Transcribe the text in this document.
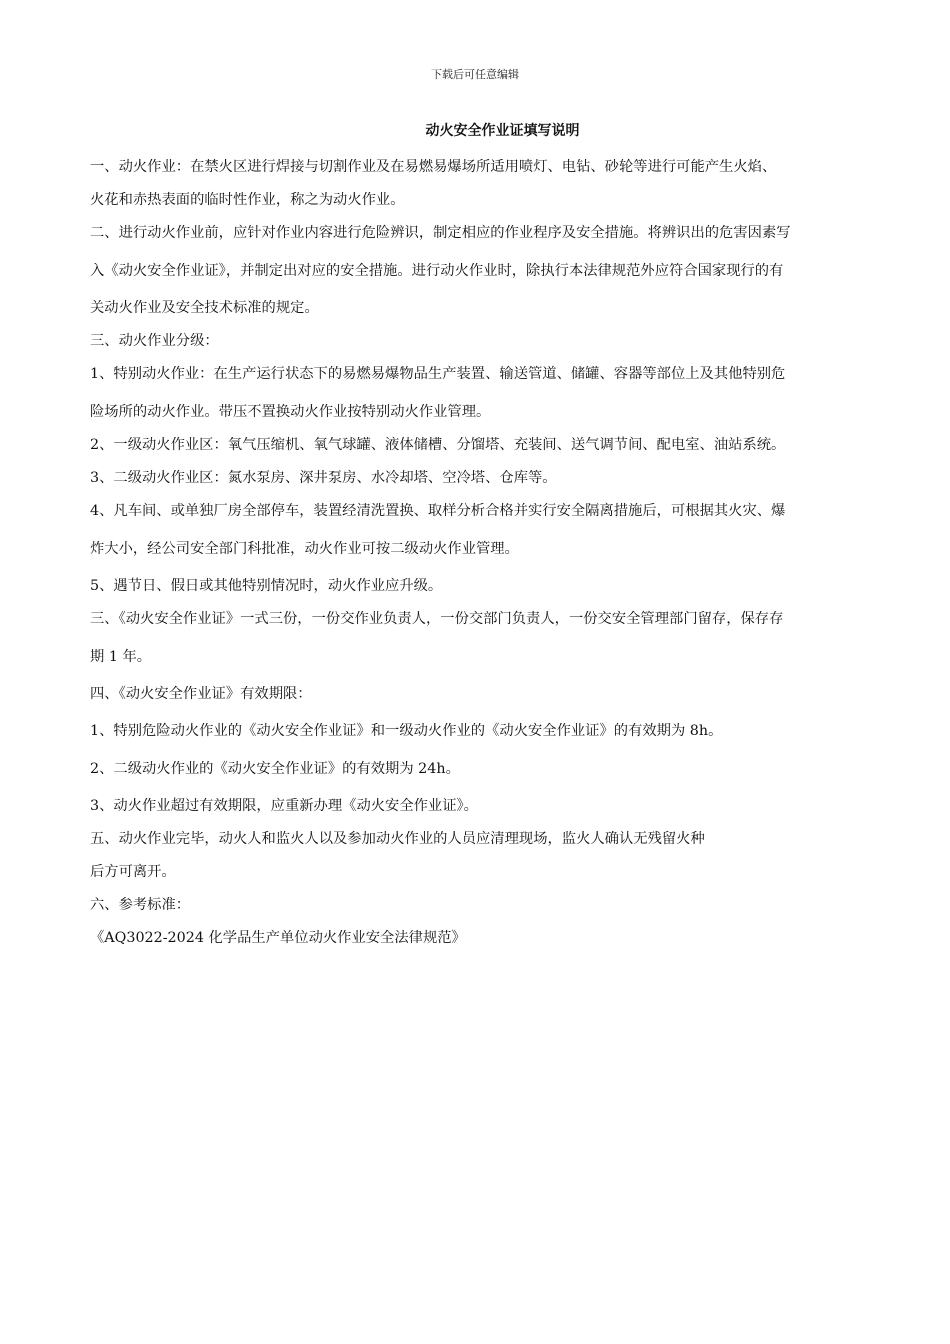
下载后可任意编辑
动火安全作业证填写说明

一、动火作业：在禁火区进行焊接与切割作业及在易燃易爆场所适用喷灯、电钻、砂轮等进行可能产生火焰、

火花和赤热表面的临时性作业，称之为动火作业。

二、进行动火作业前，应针对作业内容进行危险辨识，制定相应的作业程序及安全措施。将辨识出的危害因素写

入《动火安全作业证》，并制定出对应的安全措施。进行动火作业时，除执行本法律规范外应符合国家现行的有

关动火作业及安全技术标准的规定。

三、动火作业分级：

1、特别动火作业：在生产运行状态下的易燃易爆物品生产装置、输送管道、储罐、容器等部位上及其他特别危

险场所的动火作业。带压不置换动火作业按特别动火作业管理。

2、一级动火作业区：氧气压缩机、氧气球罐、液体储槽、分馏塔、充装间、送气调节间、配电室、油站系统。

3、二级动火作业区：氮水泵房、深井泵房、水冷却塔、空冷塔、仓库等。

4、凡车间、或单独厂房全部停车，装置经清洗置换、取样分析合格并实行安全隔离措施后，可根据其火灾、爆

炸大小，经公司安全部门科批准，动火作业可按二级动火作业管理。

5、遇节日、假日或其他特别情况时，动火作业应升级。

三、《动火安全作业证》一式三份，一份交作业负责人，一份交部门负责人，一份交安全管理部门留存，保存存

期 1 年。

四、《动火安全作业证》有效期限：

1、特别危险动火作业的《动火安全作业证》和一级动火作业的《动火安全作业证》的有效期为 8h。

2、二级动火作业的《动火安全作业证》的有效期为 24h。

3、动火作业超过有效期限，应重新办理《动火安全作业证》。

五、动火作业完毕，动火人和监火人以及参加动火作业的人员应清理现场，监火人确认无残留火种

后方可离开。

六、参考标准：

《AQ3022-2024 化学品生产单位动火作业安全法律规范》
